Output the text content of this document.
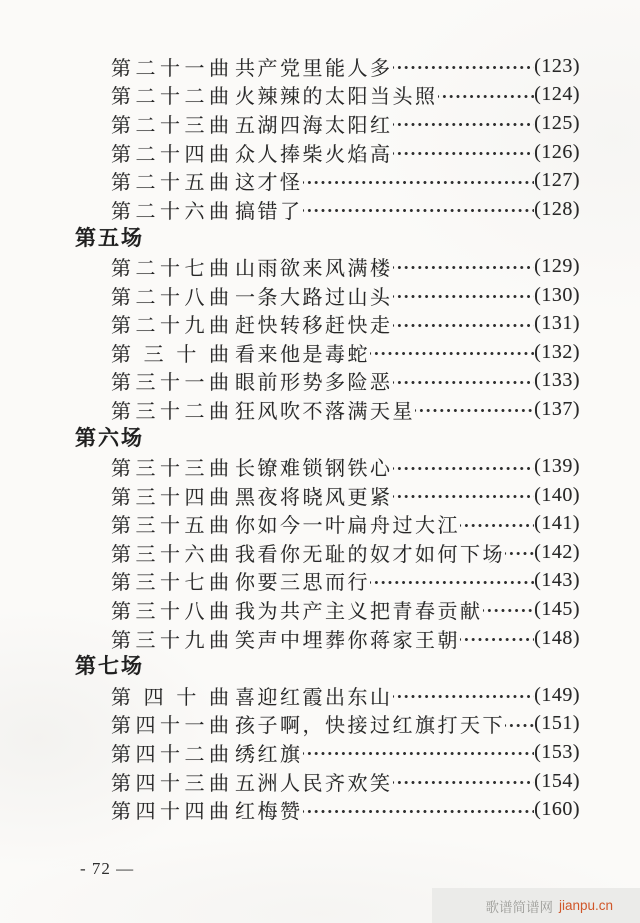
第二十一曲 共产党里能人多	(123)
第二十二曲 火辣辣的太阳当头照	(124)
第二十三曲 五湖四海太阳红	(125)
第二十四曲 众人捧柴火焰高	(126)
第二十五曲 这才怪	(127)
第二十六曲 搞错了	(128)
第五场
第二十七曲 山雨欲来风满楼	(129)
第二十八曲 一条大路过山头	(130)
第二十九曲 赶快转移赶快走	(131)
第三十曲 看来他是毒蛇	(132)
第三十一曲 眼前形势多险恶	(133)
第三十二曲 狂风吹不落满天星	(137)
第六场
第三十三曲 长镣难锁钢铁心	(139)
第三十四曲 黑夜将晓风更紧	(140)
第三十五曲 你如今一叶扁舟过大江	(141)
第三十六曲 我看你无耻的奴才如何下场 (142)
第三十七曲 你要三思而行	(143)
第三十八曲 我为共产主义把青春贡献	(145)
第三十九曲 笑声中埋葬你蒋家王朝	(148)
第七场
第四十曲 喜迎红霞出东山	(149)
第四十一曲 孩子啊，快接过红旗打天下 (151)
第四十二曲 绣红旗	(153)
第四十三曲 五洲人民齐欢笑	(154)
第四十四曲 红梅赞	(160)
- 72 —
歌谱简谱网 jianpu.cn
